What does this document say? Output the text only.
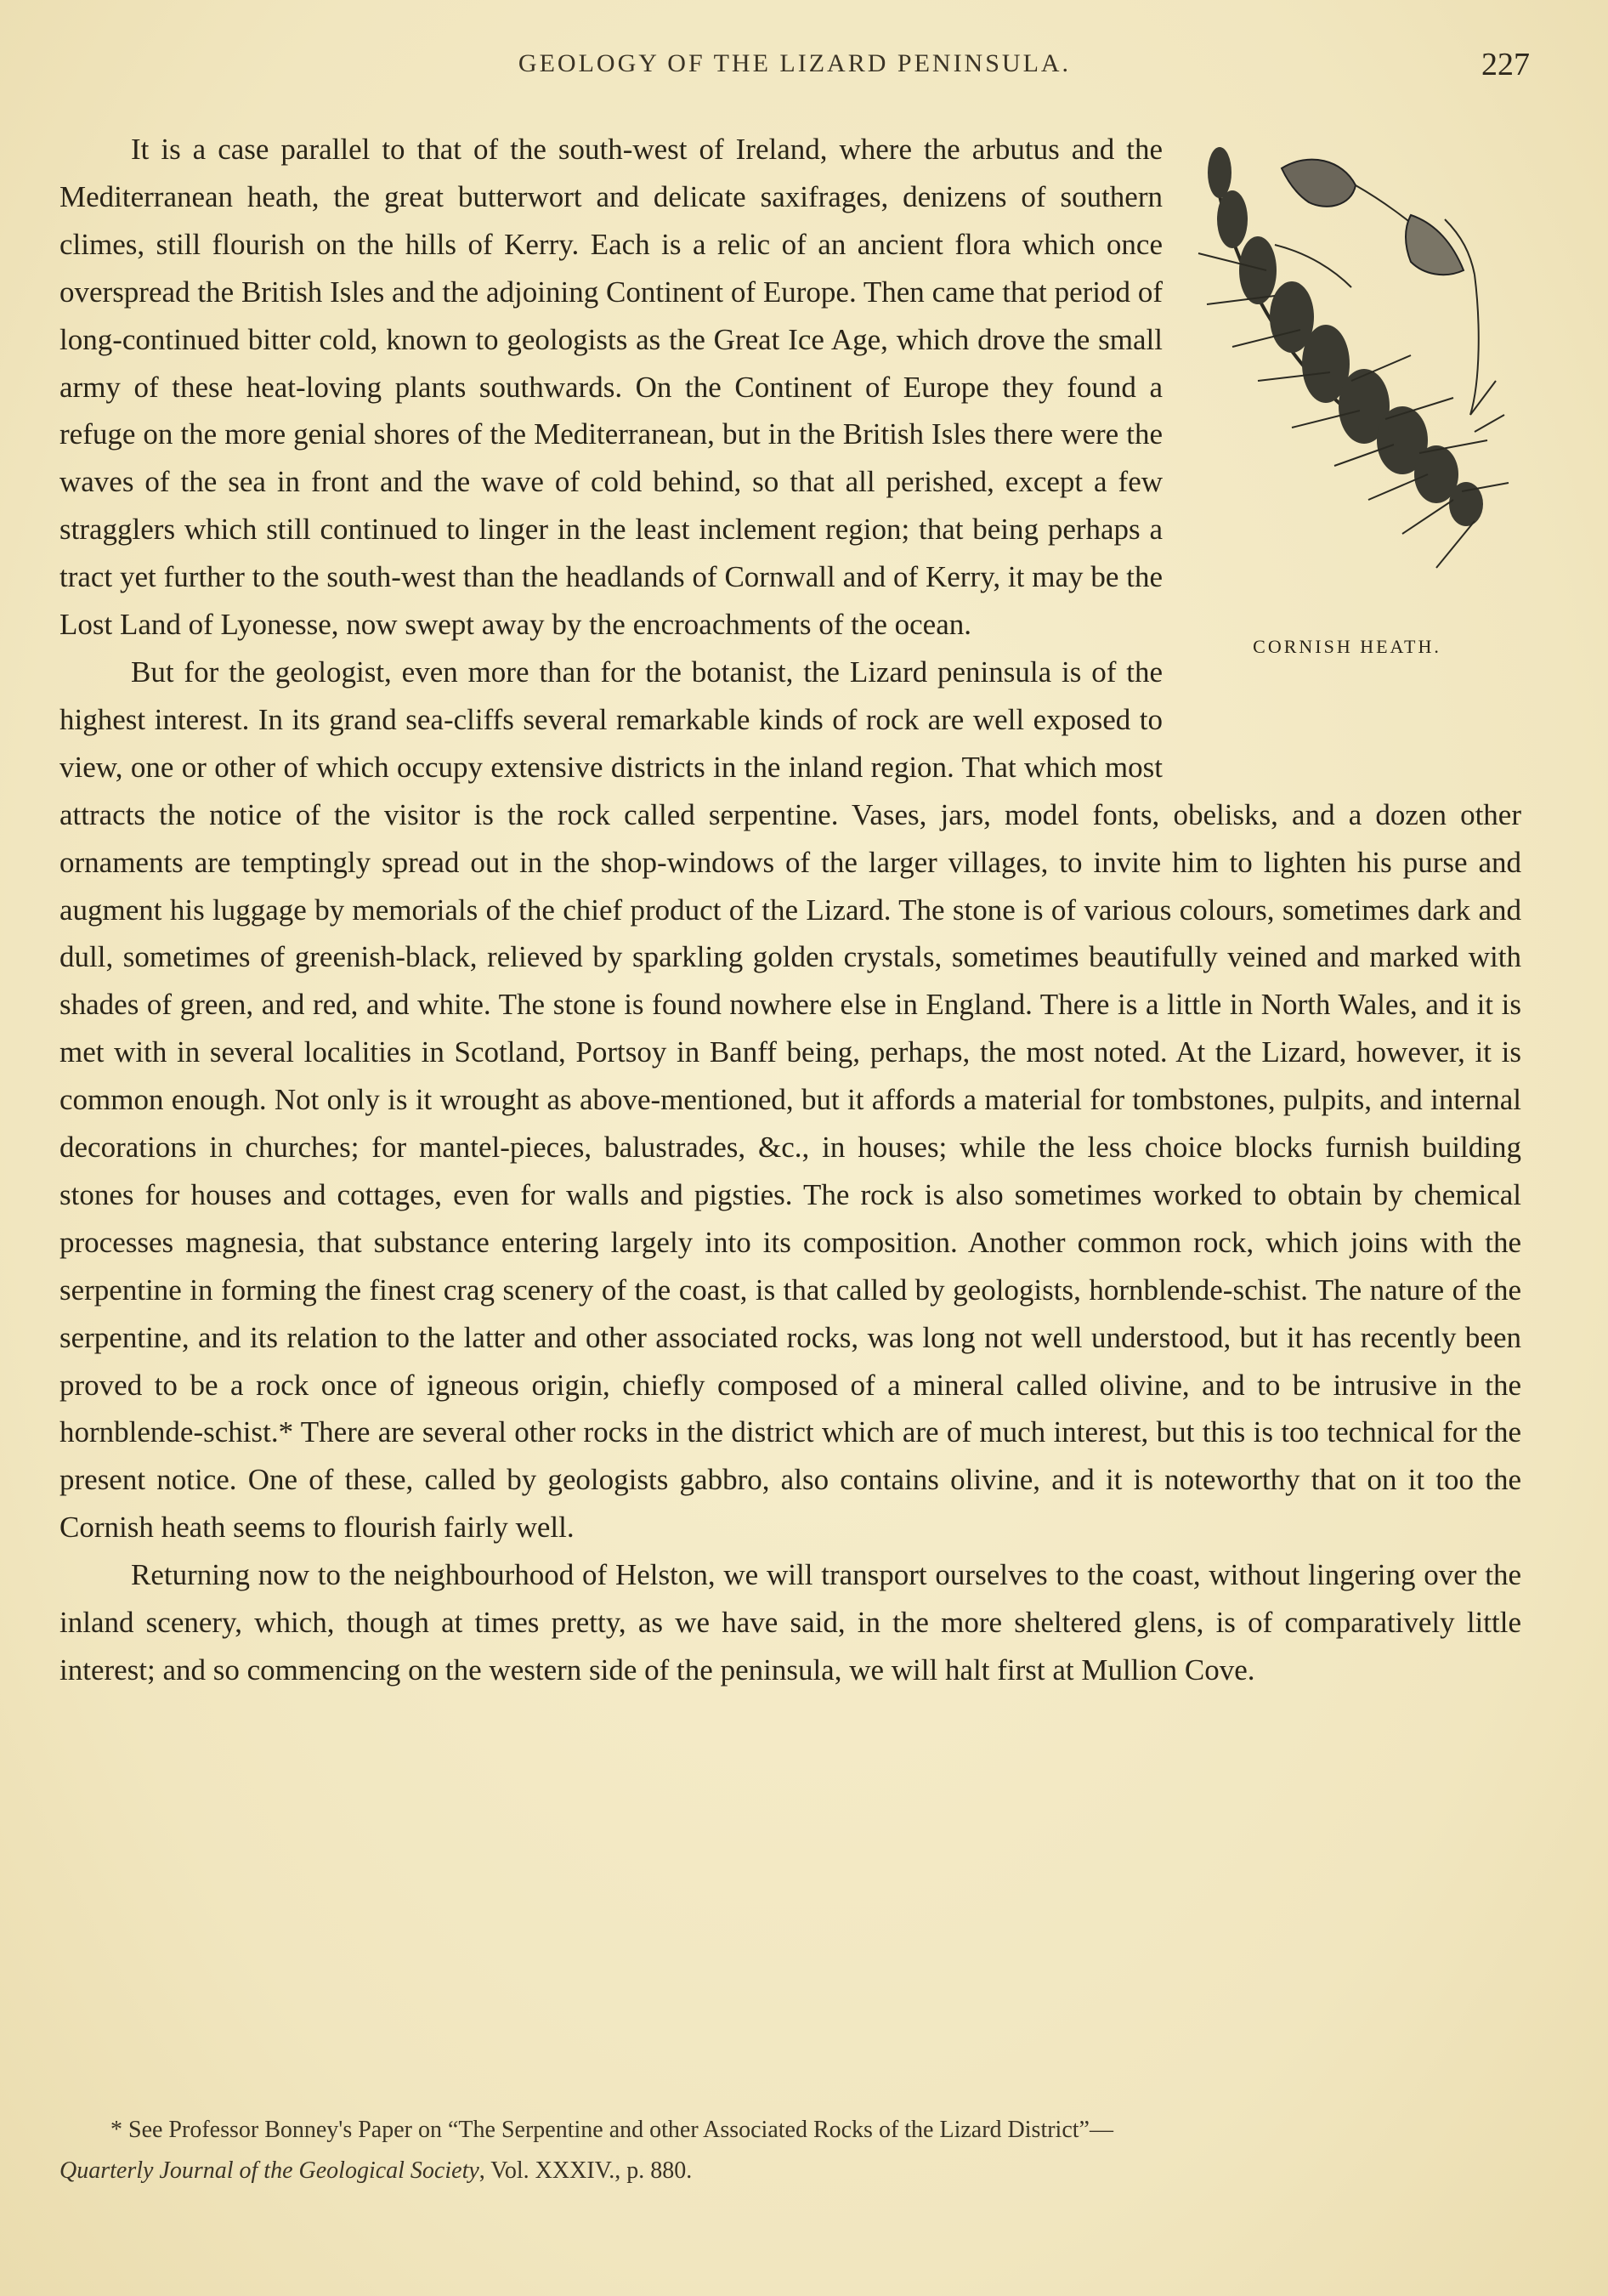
GEOLOGY OF THE LIZARD PENINSULA.	227
CORNISH HEATH.

It is a case parallel to that of the south-west of Ireland, where the arbutus and the Mediterranean heath, the great butterwort and delicate saxifrages, denizens of southern climes, still flourish on the hills of Kerry. Each is a relic of an ancient flora which once overspread the British Isles and the adjoining Continent of Europe. Then came that period of long-continued bitter cold, known to geologists as the Great Ice Age, which drove the small army of these heat-loving plants southwards. On the Continent of Europe they found a refuge on the more genial shores of the Mediterranean, but in the British Isles there were the waves of the sea in front and the wave of cold behind, so that all perished, except a few stragglers which still continued to linger in the least inclement region; that being perhaps a tract yet further to the south-west than the headlands of Cornwall and of Kerry, it may be the Lost Land of Lyonesse, now swept away by the encroachments of the ocean.

But for the geologist, even more than for the botanist, the Lizard peninsula is of the highest interest. In its grand sea-cliffs several remarkable kinds of rock are well exposed to view, one or other of which occupy extensive districts in the inland region. That which most attracts the notice of the visitor is the rock called serpentine. Vases, jars, model fonts, obelisks, and a dozen other ornaments are temptingly spread out in the shop-windows of the larger villages, to invite him to lighten his purse and augment his luggage by memorials of the chief product of the Lizard. The stone is of various colours, sometimes dark and dull, sometimes of greenish-black, relieved by sparkling golden crystals, sometimes beautifully veined and marked with shades of green, and red, and white. The stone is found nowhere else in England. There is a little in North Wales, and it is met with in several localities in Scotland, Portsoy in Banff being, perhaps, the most noted. At the Lizard, however, it is common enough. Not only is it wrought as above-mentioned, but it affords a material for tombstones, pulpits, and internal decorations in churches; for mantel-pieces, balustrades, &c., in houses; while the less choice blocks furnish building stones for houses and cottages, even for walls and pigsties. The rock is also sometimes worked to obtain by chemical processes magnesia, that substance entering largely into its composition. Another common rock, which joins with the serpentine in forming the finest crag scenery of the coast, is that called by geologists, hornblende-schist. The nature of the serpentine, and its relation to the latter and other associated rocks, was long not well understood, but it has recently been proved to be a rock once of igneous origin, chiefly composed of a mineral called olivine, and to be intrusive in the hornblende-schist.* There are several other rocks in the district which are of much interest, but this is too technical for the present notice. One of these, called by geologists gabbro, also contains olivine, and it is noteworthy that on it too the Cornish heath seems to flourish fairly well.

Returning now to the neighbourhood of Helston, we will transport ourselves to the coast, without lingering over the inland scenery, which, though at times pretty, as we have said, in the more sheltered glens, is of comparatively little interest; and so commencing on the western side of the peninsula, we will halt first at Mullion Cove.

* See Professor Bonney's Paper on “The Serpentine and other Associated Rocks of the Lizard District”—
Quarterly Journal of the Geological Society, Vol. XXXIV., p. 880.
